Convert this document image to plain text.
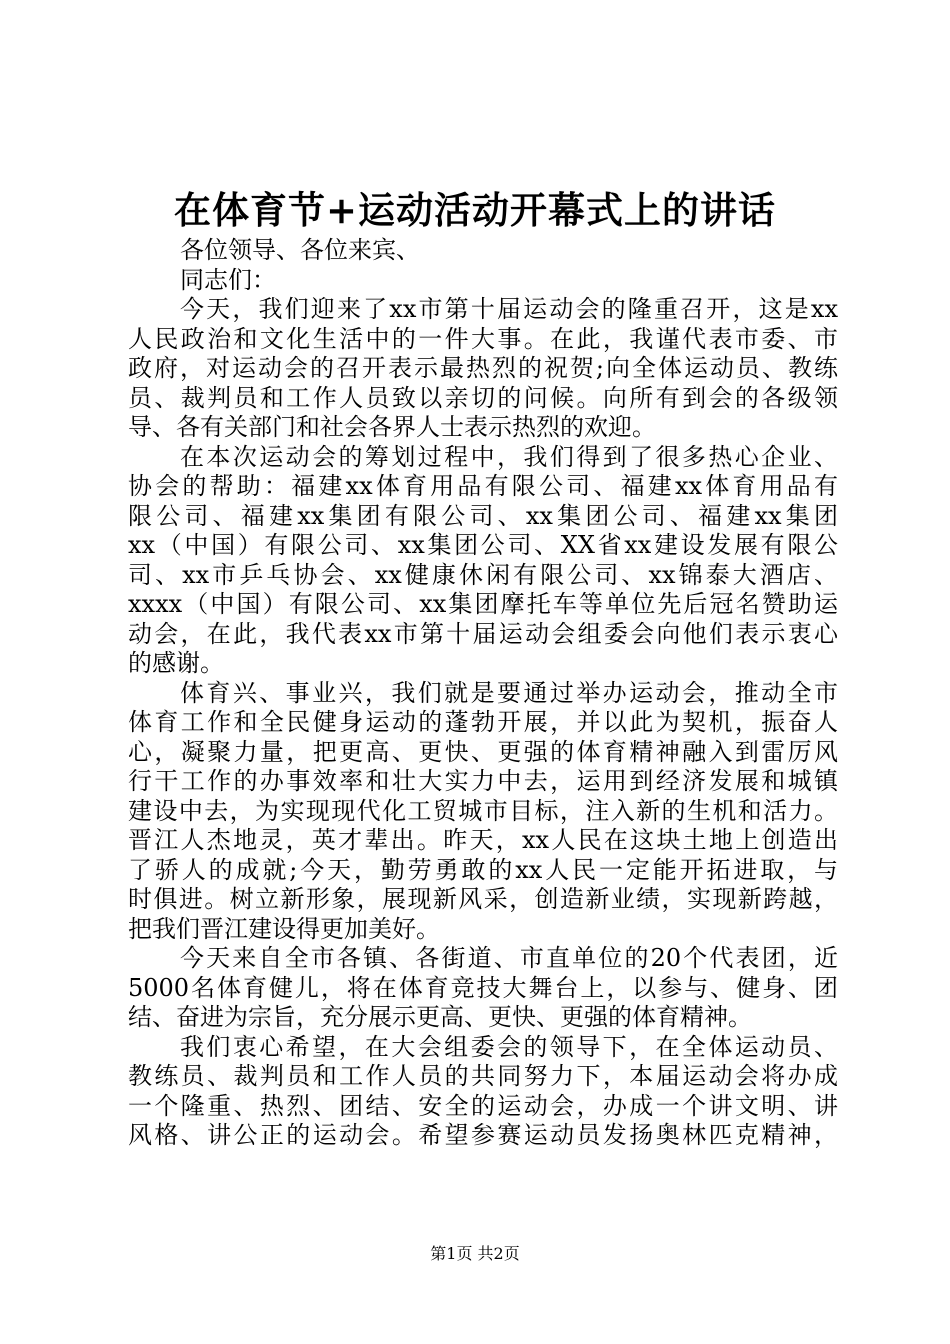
在体育节+运动活动开幕式上的讲话
各位领导、各位来宾、
同志们：
今天，我们迎来了xx市第十届运动会的隆重召开，这是xx
人民政治和文化生活中的一件大事。在此，我谨代表市委、市
政府，对运动会的召开表示最热烈的祝贺;向全体运动员、教练
员、裁判员和工作人员致以亲切的问候。向所有到会的各级领
导、各有关部门和社会各界人士表示热烈的欢迎。
在本次运动会的筹划过程中，我们得到了很多热心企业、
协会的帮助：福建xx体育用品有限公司、福建xx体育用品有
限公司、福建xx集团有限公司、xx集团公司、福建xx集团
xx（中国）有限公司、xx集团公司、XX省xx建设发展有限公
司、xx市乒乓协会、xx健康休闲有限公司、xx锦泰大酒店、
xxxx（中国）有限公司、xx集团摩托车等单位先后冠名赞助运
动会，在此，我代表xx市第十届运动会组委会向他们表示衷心
的感谢。
体育兴、事业兴，我们就是要通过举办运动会，推动全市
体育工作和全民健身运动的蓬勃开展，并以此为契机，振奋人
心，凝聚力量，把更高、更快、更强的体育精神融入到雷厉风
行干工作的办事效率和壮大实力中去，运用到经济发展和城镇
建设中去，为实现现代化工贸城市目标，注入新的生机和活力。
晋江人杰地灵，英才辈出。昨天，xx人民在这块土地上创造出
了骄人的成就;今天，勤劳勇敢的xx人民一定能开拓进取，与
时俱进。树立新形象，展现新风采，创造新业绩，实现新跨越，
把我们晋江建设得更加美好。
今天来自全市各镇、各街道、市直单位的20个代表团，近
5000名体育健儿，将在体育竞技大舞台上，以参与、健身、团
结、奋进为宗旨，充分展示更高、更快、更强的体育精神。
我们衷心希望，在大会组委会的领导下，在全体运动员、
教练员、裁判员和工作人员的共同努力下，本届运动会将办成
一个隆重、热烈、团结、安全的运动会，办成一个讲文明、讲
风格、讲公正的运动会。希望参赛运动员发扬奥林匹克精神，
第1页 共2页
